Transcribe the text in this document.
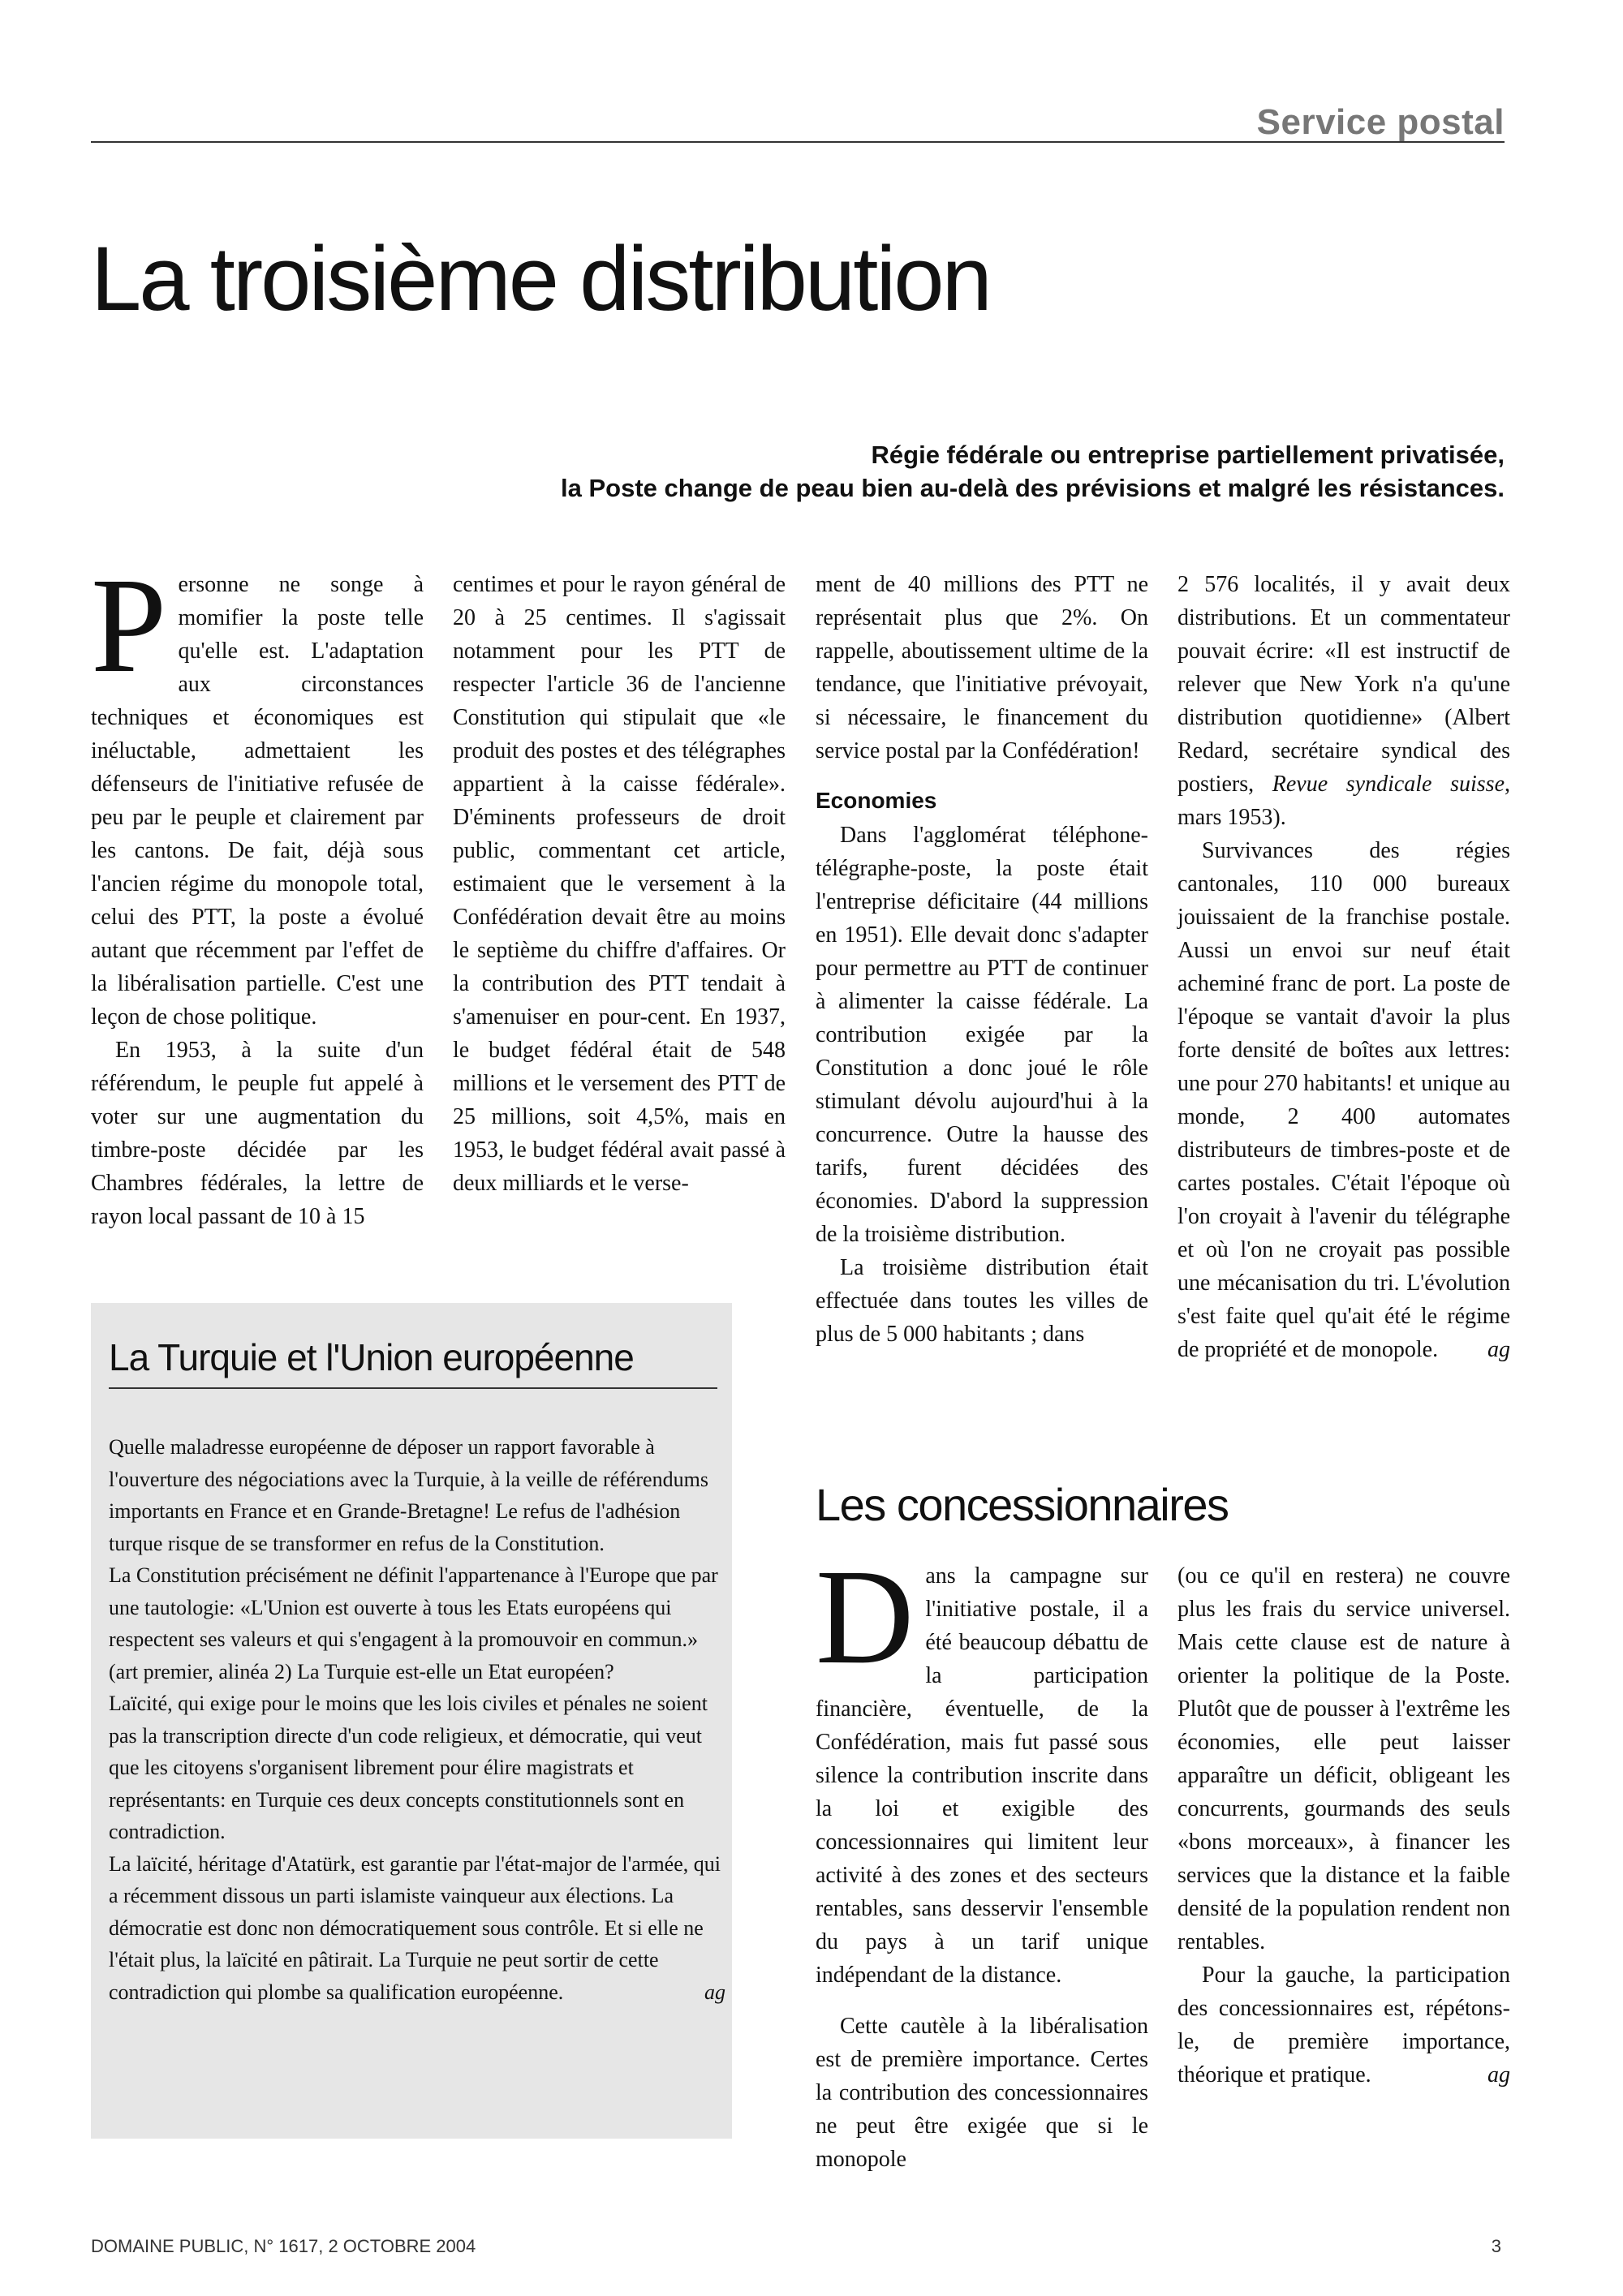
Service postal
La troisième distribution
Régie fédérale ou entreprise partiellement privatisée,
la Poste change de peau bien au-delà des prévisions et malgré les résistances.

Personne ne songe à momifier la poste telle qu'elle est. L'adaptation aux circonstances techniques et économiques est inéluctable, admettaient les défenseurs de l'initiative refusée de peu par le peuple et clairement par les cantons. De fait, déjà sous l'ancien régime du monopole total, celui des PTT, la poste a évolué autant que récemment par l'effet de la libéralisation partielle. C'est une leçon de chose politique.

En 1953, à la suite d'un référendum, le peuple fut appelé à voter sur une augmentation du timbre-poste décidée par les Chambres fédérales, la lettre de rayon local passant de 10 à 15

centimes et pour le rayon général de 20 à 25 centimes. Il s'agissait notamment pour les PTT de respecter l'article 36 de l'ancienne Constitution qui stipulait que «le produit des postes et des télégraphes appartient à la caisse fédérale». D'éminents professeurs de droit public, commentant cet article, estimaient que le versement à la Confédération devait être au moins le septième du chiffre d'affaires. Or la contribution des PTT tendait à s'amenuiser en pour-cent. En 1937, le budget fédéral était de 548 millions et le versement des PTT de 25 millions, soit 4,5%, mais en 1953, le budget fédéral avait passé à deux milliards et le verse-

ment de 40 millions des PTT ne représentait plus que 2%. On rappelle, aboutissement ultime de la tendance, que l'initiative prévoyait, si nécessaire, le financement du service postal par la Confédération!

Economies

Dans l'agglomérat téléphone-télégraphe-poste, la poste était l'entreprise déficitaire (44 millions en 1951). Elle devait donc s'adapter pour permettre au PTT de continuer à alimenter la caisse fédérale. La contribution exigée par la Constitution a donc joué le rôle stimulant dévolu aujourd'hui à la concurrence. Outre la hausse des tarifs, furent décidées des économies. D'abord la suppression de la troisième distribution.

La troisième distribution était effectuée dans toutes les villes de plus de 5 000 habitants ; dans

2 576 localités, il y avait deux distributions. Et un commentateur pouvait écrire: «Il est instructif de relever que New York n'a qu'une distribution quotidienne» (Albert Redard, secrétaire syndical des postiers, Revue syndicale suisse, mars 1953).

Survivances des régies cantonales, 110 000 bureaux jouissaient de la franchise postale. Aussi un envoi sur neuf était acheminé franc de port. La poste de l'époque se vantait d'avoir la plus forte densité de boîtes aux lettres: une pour 270 habitants! et unique au monde, 2 400 automates distributeurs de timbres-poste et de cartes postales. C'était l'époque où l'on croyait à l'avenir du télégraphe et où l'on ne croyait pas possible une mécanisation du tri. L'évolution s'est faite quel qu'ait été le régime de propriété et de monopole.	ag

La Turquie et l'Union européenne

Quelle maladresse européenne de déposer un rapport favorable à l'ouverture des négociations avec la Turquie, à la veille de référendums importants en France et en Grande-Bretagne! Le refus de l'adhésion turque risque de se transformer en refus de la Constitution.

La Constitution précisément ne définit l'appartenance à l'Europe que par une tautologie: «L'Union est ouverte à tous les Etats européens qui respectent ses valeurs et qui s'engagent à la promouvoir en commun.» (art premier, alinéa 2) La Turquie est-elle un Etat européen?

Laïcité, qui exige pour le moins que les lois civiles et pénales ne soient pas la transcription directe d'un code religieux, et démocratie, qui veut que les citoyens s'organisent librement pour élire magistrats et représentants: en Turquie ces deux concepts constitutionnels sont en contradiction.

La laïcité, héritage d'Atatürk, est garantie par l'état-major de l'armée, qui a récemment dissous un parti islamiste vainqueur aux élections. La démocratie est donc non démocratiquement sous contrôle. Et si elle ne l'était plus, la laïcité en pâtirait. La Turquie ne peut sortir de cette contradiction qui plombe sa qualification européenne.	ag

Les concessionnaires

Dans la campagne sur l'initiative postale, il a été beaucoup débattu de la participation financière, éventuelle, de la Confédération, mais fut passé sous silence la contribution inscrite dans la loi et exigible des concessionnaires qui limitent leur activité à des zones et des secteurs rentables, sans desservir l'ensemble du pays à un tarif unique indépendant de la distance.

Cette cautèle à la libéralisation est de première importance. Certes la contribution des concessionnaires ne peut être exigée que si le monopole

(ou ce qu'il en restera) ne couvre plus les frais du service universel. Mais cette clause est de nature à orienter la politique de la Poste. Plutôt que de pousser à l'extrême les économies, elle peut laisser apparaître un déficit, obligeant les concurrents, gourmands des seuls «bons morceaux», à financer les services que la distance et la faible densité de la population rendent non rentables.

Pour la gauche, la participation des concessionnaires est, répétons-le, de première importance, théorique et pratique.	ag

DOMAINE PUBLIC, N° 1617, 2 OCTOBRE 2004	3
